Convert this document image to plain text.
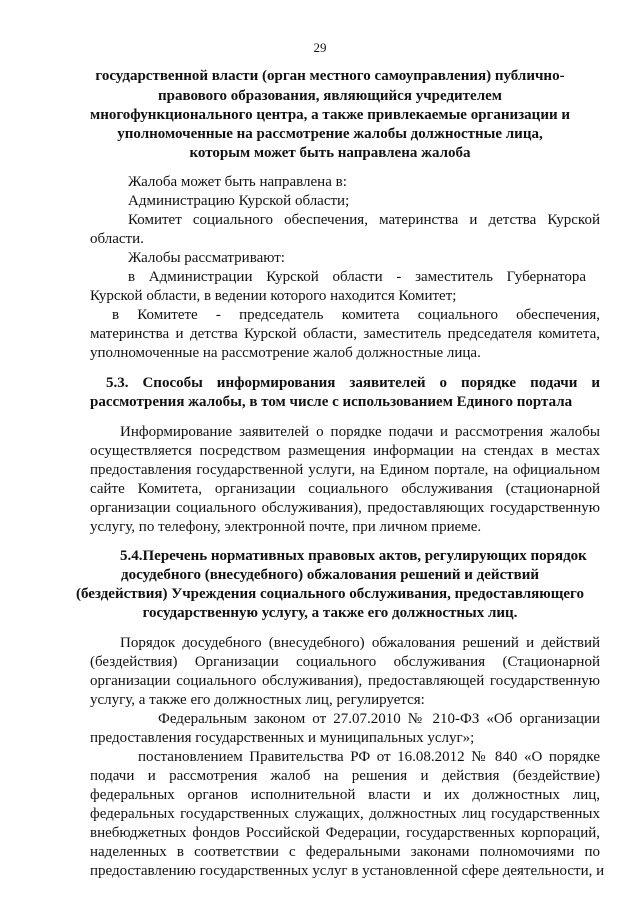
29
государственной власти (орган местного самоуправления) публично-
правового образования, являющийся учредителем
многофункционального центра, а также привлекаемые организации и
уполномоченные на рассмотрение жалобы должностные лица,
которым может быть направлена жалоба
Жалоба может быть направлена в:
Администрацию Курской области;
Комитет социального обеспечения, материнства и детства Курской
области.
Жалобы рассматривают:
в Администрации Курской области - заместитель Губернатора
Курской области, в ведении которого находится Комитет;
в Комитете - председатель комитета социального обеспечения,
материнства и детства Курской области, заместитель председателя комитета,
уполномоченные на рассмотрение жалоб должностные лица.
5.3. Способы информирования заявителей о порядке подачи и
рассмотрения жалобы, в том числе с использованием Единого портала
Информирование заявителей о порядке подачи и рассмотрения жалобы
осуществляется посредством размещения информации на стендах в местах
предоставления государственной услуги, на Едином портале, на официальном
сайте Комитета, организации социального обслуживания (стационарной
организации социального обслуживания), предоставляющих государственную
услугу, по телефону, электронной почте, при личном приеме.
5.4.Перечень нормативных правовых актов, регулирующих порядок
досудебного (внесудебного) обжалования решений и действий
(бездействия) Учреждения социального обслуживания, предоставляющего
государственную услугу, а также его должностных лиц.
Порядок досудебного (внесудебного) обжалования решений и действий
(бездействия) Организации социального обслуживания (Стационарной
организации социального обслуживания), предоставляющей государственную
услугу, а также его должностных лиц, регулируется:
Федеральным законом от 27.07.2010 № 210-ФЗ «Об организации
предоставления государственных и муниципальных услуг»;
постановлением Правительства РФ от 16.08.2012 № 840 «О порядке
подачи и рассмотрения жалоб на решения и действия (бездействие)
федеральных органов исполнительной власти и их должностных лиц,
федеральных государственных служащих, должностных лиц государственных
внебюджетных фондов Российской Федерации, государственных корпораций,
наделенных в соответствии с федеральными законами полномочиями по
предоставлению государственных услуг в установленной сфере деятельности, и
